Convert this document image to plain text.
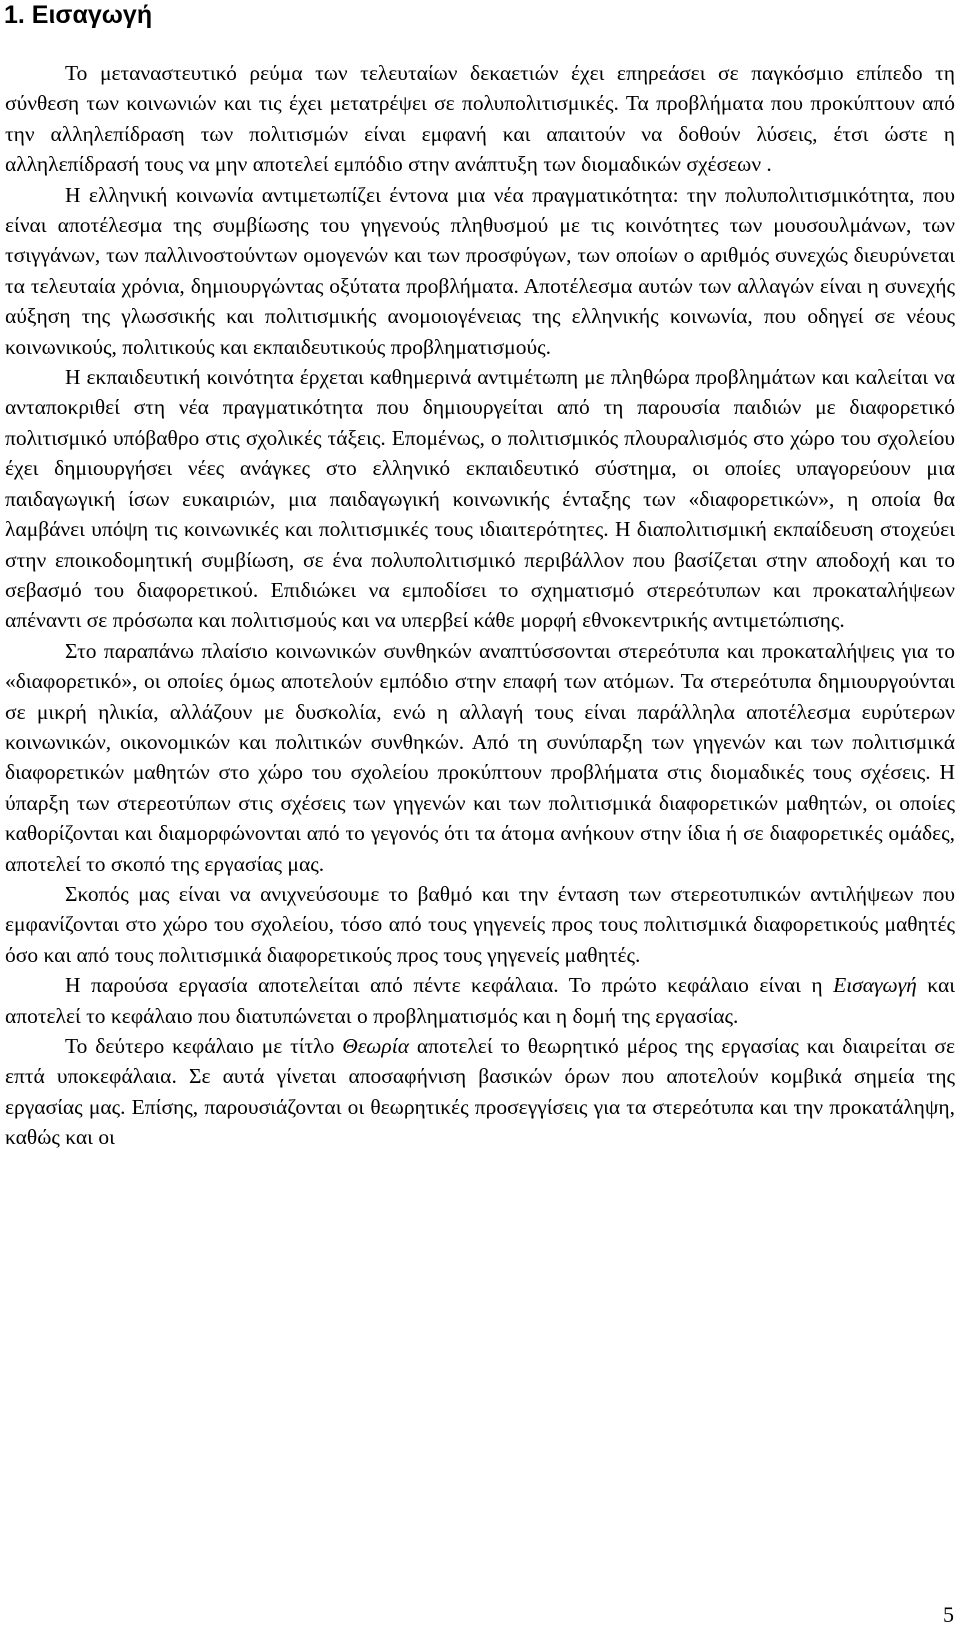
1. Εισαγωγή

Το μεταναστευτικό ρεύμα των τελευταίων δεκαετιών έχει επηρεάσει σε παγκόσμιο επίπεδο τη σύνθεση των κοινωνιών και τις έχει μετατρέψει σε πολυπολιτισμικές. Τα προβλήματα που προκύπτουν από την αλληλεπίδραση των πολιτισμών είναι εμφανή και απαιτούν να δοθούν λύσεις, έτσι ώστε η αλληλεπίδρασή τους να μην αποτελεί εμπόδιο στην ανάπτυξη των διομαδικών σχέσεων .

Η ελληνική κοινωνία αντιμετωπίζει έντονα μια νέα πραγματικότητα: την πολυπολιτισμικότητα, που είναι αποτέλεσμα της συμβίωσης του γηγενούς πληθυσμού με τις κοινότητες των μουσουλμάνων, των τσιγγάνων, των παλλινοστούντων ομογενών και των προσφύγων, των οποίων ο αριθμός συνεχώς διευρύνεται τα τελευταία χρόνια, δημιουργώντας οξύτατα προβλήματα. Αποτέλεσμα αυτών των αλλαγών είναι η συνεχής αύξηση της γλωσσικής και πολιτισμικής ανομοιογένειας της ελληνικής κοινωνία, που οδηγεί σε νέους κοινωνικούς, πολιτικούς και εκπαιδευτικούς προβληματισμούς.

Η εκπαιδευτική κοινότητα έρχεται καθημερινά αντιμέτωπη με πληθώρα προβλημάτων και καλείται να ανταποκριθεί στη νέα πραγματικότητα που δημιουργείται από τη παρουσία παιδιών με διαφορετικό πολιτισμικό υπόβαθρο στις σχολικές τάξεις. Επομένως, ο πολιτισμικός πλουραλισμός στο χώρο του σχολείου έχει δημιουργήσει νέες ανάγκες στο ελληνικό εκπαιδευτικό σύστημα, οι οποίες υπαγορεύουν μια παιδαγωγική ίσων ευκαιριών, μια παιδαγωγική κοινωνικής ένταξης των «διαφορετικών», η οποία θα λαμβάνει υπόψη τις κοινωνικές και πολιτισμικές τους ιδιαιτερότητες. Η διαπολιτισμική εκπαίδευση στοχεύει στην εποικοδομητική συμβίωση, σε ένα πολυπολιτισμικό περιβάλλον που βασίζεται στην αποδοχή και το σεβασμό του διαφορετικού. Επιδιώκει να εμποδίσει το σχηματισμό στερεότυπων και προκαταλήψεων απέναντι σε πρόσωπα και πολιτισμούς και να υπερβεί κάθε μορφή εθνοκεντρικής αντιμετώπισης.

Στο παραπάνω πλαίσιο κοινωνικών συνθηκών αναπτύσσονται στερεότυπα και προκαταλήψεις για το «διαφορετικό», οι οποίες όμως αποτελούν εμπόδιο στην επαφή των ατόμων. Τα στερεότυπα δημιουργούνται σε μικρή ηλικία, αλλάζουν με δυσκολία, ενώ η αλλαγή τους είναι παράλληλα αποτέλεσμα ευρύτερων κοινωνικών, οικονομικών και πολιτικών συνθηκών. Από τη συνύπαρξη των γηγενών και των πολιτισμικά διαφορετικών μαθητών στο χώρο του σχολείου προκύπτουν προβλήματα στις διομαδικές τους σχέσεις. Η ύπαρξη των στερεοτύπων στις σχέσεις των γηγενών και των πολιτισμικά διαφορετικών μαθητών, οι οποίες καθορίζονται και διαμορφώνονται από το γεγονός ότι τα άτομα ανήκουν στην ίδια ή σε διαφορετικές ομάδες, αποτελεί το σκοπό της εργασίας μας.

Σκοπός μας είναι να ανιχνεύσουμε το βαθμό και την ένταση των στερεοτυπικών αντιλήψεων που εμφανίζονται στο χώρο του σχολείου, τόσο από τους γηγενείς προς τους πολιτισμικά διαφορετικούς μαθητές όσο και από τους πολιτισμικά διαφορετικούς προς τους γηγενείς μαθητές.

Η παρούσα εργασία αποτελείται από πέντε κεφάλαια. Το πρώτο κεφάλαιο είναι η Εισαγωγή και αποτελεί το κεφάλαιο που διατυπώνεται ο προβληματισμός και η δομή της εργασίας.

Το δεύτερο κεφάλαιο με τίτλο Θεωρία αποτελεί το θεωρητικό μέρος της εργασίας και διαιρείται σε επτά υποκεφάλαια. Σε αυτά γίνεται αποσαφήνιση βασικών όρων που αποτελούν κομβικά σημεία της εργασίας μας. Επίσης, παρουσιάζονται οι θεωρητικές προσεγγίσεις για τα στερεότυπα και την προκατάληψη, καθώς και οι

5
